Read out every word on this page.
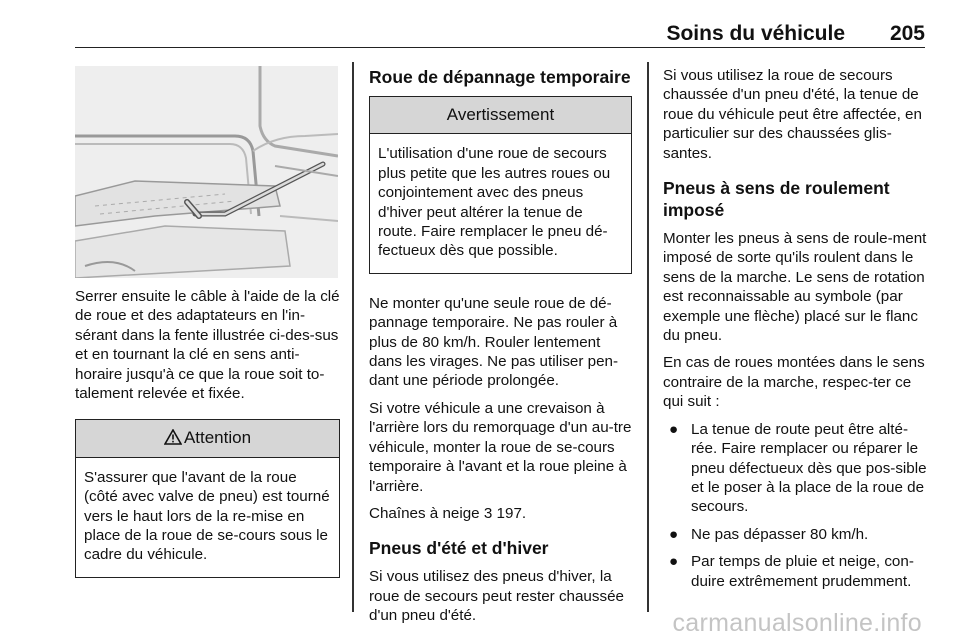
Soins du véhicule 205

Serrer ensuite le câble à l'aide de la clé de roue et des adaptateurs en l'in-sérant dans la fente illustrée ci-des-sus et en tournant la clé en sens anti-horaire jusqu'à ce que la roue soit to-talement relevée et fixée.

Attention
S'assurer que l'avant de la roue (côté avec valve de pneu) est tourné vers le haut lors de la re-mise en place de la roue de se-cours sous le cadre du véhicule.
Roue de dépannage temporaire
Avertissement
L'utilisation d'une roue de secours plus petite que les autres roues ou conjointement avec des pneus d'hiver peut altérer la tenue de route. Faire remplacer le pneu dé-fectueux dès que possible.

Ne monter qu'une seule roue de dé-pannage temporaire. Ne pas rouler à plus de 80 km/h. Rouler lentement dans les virages. Ne pas utiliser pen-dant une période prolongée.

Si votre véhicule a une crevaison à l'arrière lors du remorquage d'un au-tre véhicule, monter la roue de se-cours temporaire à l'avant et la roue pleine à l'arrière.

Chaînes à neige 3 197.

Pneus d'été et d'hiver

Si vous utilisez des pneus d'hiver, la roue de secours peut rester chaussée d'un pneu d'été.

Si vous utilisez la roue de secours chaussée d'un pneu d'été, la tenue de roue du véhicule peut être affectée, en particulier sur des chaussées glis-santes.

Pneus à sens de roulement imposé

Monter les pneus à sens de roule-ment imposé de sorte qu'ils roulent dans le sens de la marche. Le sens de rotation est reconnaissable au symbole (par exemple une flèche) placé sur le flanc du pneu.

En cas de roues montées dans le sens contraire de la marche, respec-ter ce qui suit :

● La tenue de route peut être alté-rée. Faire remplacer ou réparer le pneu défectueux dès que pos-sible et le poser à la place de la roue de secours.
● Ne pas dépasser 80 km/h.
● Par temps de pluie et neige, con-duire extrêmement prudemment.
carmanualsonline.info
